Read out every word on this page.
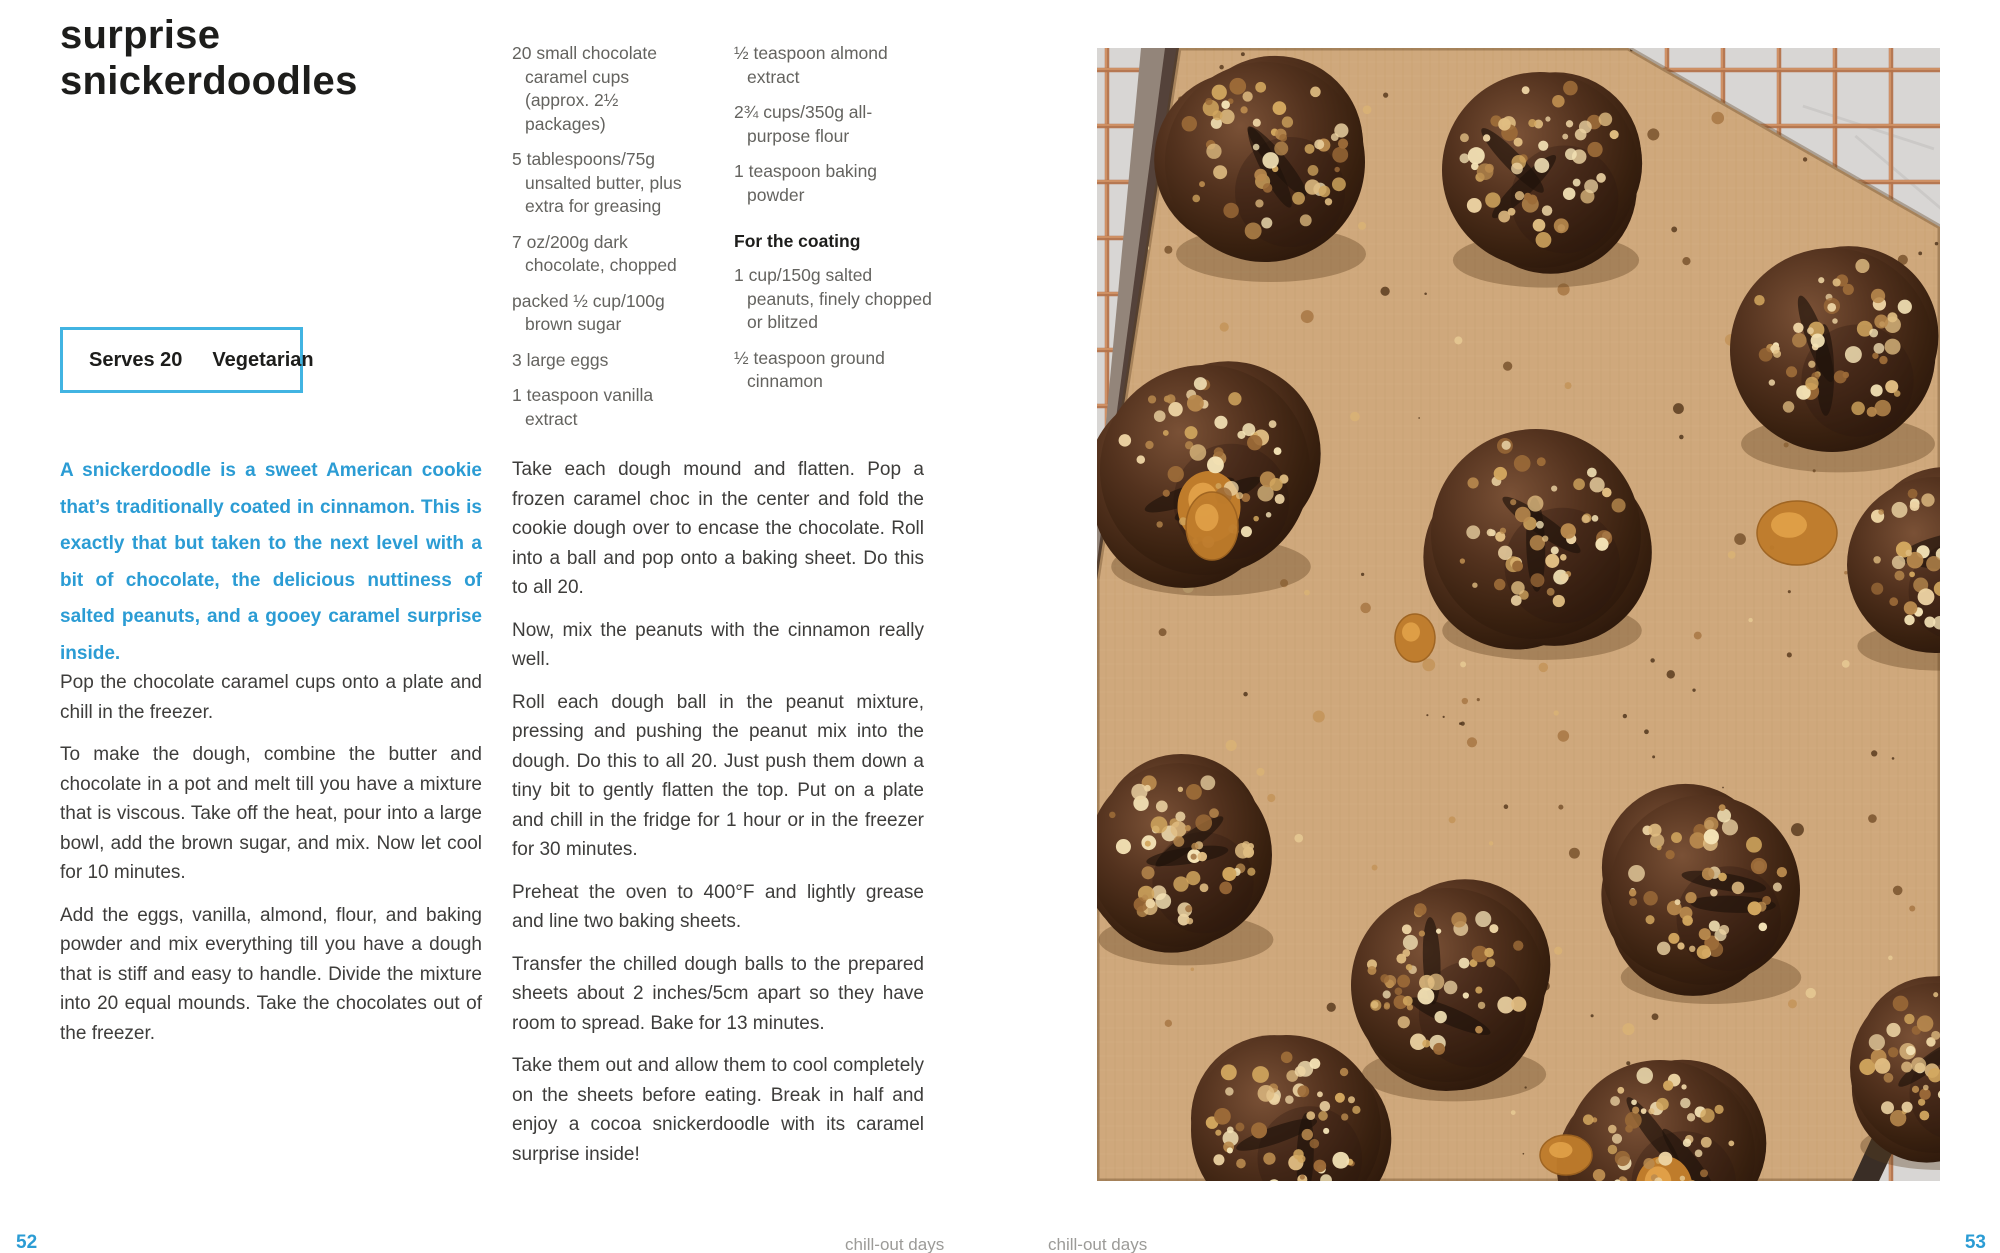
surprise
snickerdoodles
Serves 20 Vegetarian

A snickerdoodle is a sweet American cookie that’s traditionally coated in cinnamon. This is exactly that but taken to the next level with a bit of chocolate, the delicious nuttiness of salted peanuts, and a gooey caramel surprise inside.

Pop the chocolate caramel cups onto a plate and chill in the freezer.

To make the dough, combine the butter and chocolate in a pot and melt till you have a mixture that is viscous. Take off the heat, pour into a large bowl, add the brown sugar, and mix. Now let cool for 10 minutes.

Add the eggs, vanilla, almond, flour, and baking powder and mix everything till you have a dough that is stiff and easy to handle. Divide the mixture into 20 equal mounds. Take the chocolates out of the freezer.

20 small chocolate caramel cups (approx. 2½ packages)
5 tablespoons/75g unsalted butter, plus extra for greasing
7 oz/200g dark chocolate, chopped
packed ½ cup/100g brown sugar
3 large eggs
1 teaspoon vanilla extract
½ teaspoon almond extract
2¾ cups/350g all-purpose flour
1 teaspoon baking powder
For the coating
1 cup/150g salted peanuts, finely chopped or blitzed
½ teaspoon ground cinnamon

Take each dough mound and flatten. Pop a frozen caramel choc in the center and fold the cookie dough over to encase the chocolate. Roll into a ball and pop onto a baking sheet. Do this to all 20.

Now, mix the peanuts with the cinnamon really well.

Roll each dough ball in the peanut mixture, pressing and pushing the peanut mix into the dough. Do this to all 20. Just push them down a tiny bit to gently flatten the top. Put on a plate and chill in the fridge for 1 hour or in the freezer for 30 minutes.

Preheat the oven to 400°F and lightly grease and line two baking sheets.

Transfer the chilled dough balls to the prepared sheets about 2 inches/5cm apart so they have room to spread. Bake for 13 minutes.

Take them out and allow them to cool completely on the sheets before eating. Break in half and enjoy a cocoa snickerdoodle with its caramel surprise inside!

52	chill-out days	chill-out days	53
